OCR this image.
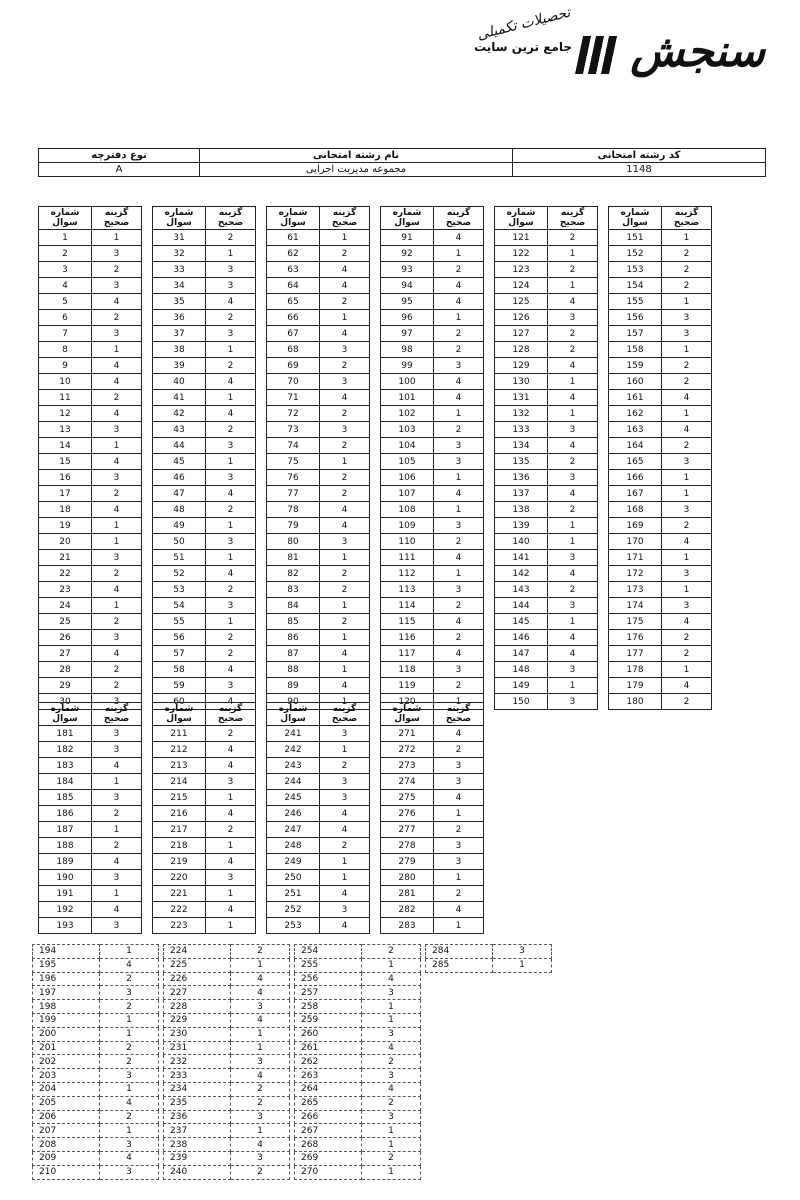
سنجش
تحصیلات تکمیلی
جامع ترین سایت
کد رشته امتحانی	نام رشته امتحانی	نوع دفترچه
1148	مجموعه مدیریت اجرایی	A
شماره سوال	گزینه صحیح
1	1
2	3
3	2
4	3
5	4
6	2
7	3
8	1
9	4
10	4
11	2
12	4
13	3
14	1
15	4
16	3
17	2
18	4
19	1
20	1
21	3
22	2
23	4
24	1
25	2
26	3
27	4
28	2
29	2
30	3
شماره سوال	گزینه صحیح
31	2
32	1
33	3
34	3
35	4
36	2
37	3
38	1
39	2
40	4
41	1
42	4
43	2
44	3
45	1
46	3
47	4
48	2
49	1
50	3
51	1
52	4
53	2
54	3
55	1
56	2
57	2
58	4
59	3
60	4
شماره سوال	گزینه صحیح
61	1
62	2
63	4
64	4
65	2
66	1
67	4
68	3
69	2
70	3
71	4
72	2
73	3
74	2
75	1
76	2
77	2
78	4
79	4
80	3
81	1
82	2
83	2
84	1
85	2
86	1
87	4
88	1
89	4
90	1
شماره سوال	گزینه صحیح
91	4
92	1
93	2
94	4
95	4
96	1
97	2
98	2
99	3
100	4
101	4
102	1
103	2
104	3
105	3
106	1
107	4
108	1
109	3
110	2
111	4
112	1
113	3
114	2
115	4
116	2
117	4
118	3
119	2
120	1
شماره سوال	گزینه صحیح
121	2
122	1
123	2
124	1
125	4
126	3
127	2
128	2
129	4
130	1
131	4
132	1
133	3
134	4
135	2
136	3
137	4
138	2
139	1
140	1
141	3
142	4
143	2
144	3
145	1
146	4
147	4
148	3
149	1
150	3
شماره سوال	گزینه صحیح
151	1
152	2
153	2
154	2
155	1
156	3
157	3
158	1
159	2
160	2
161	4
162	1
163	4
164	2
165	3
166	1
167	1
168	3
169	2
170	4
171	1
172	3
173	1
174	3
175	4
176	2
177	2
178	1
179	4
180	2
شماره سوال	گزینه صحیح
181	3
182	3
183	4
184	1
185	3
186	2
187	1
188	2
189	4
190	3
191	1
192	4
193	3
شماره سوال	گزینه صحیح
211	2
212	4
213	4
214	3
215	1
216	4
217	2
218	1
219	4
220	3
221	1
222	4
223	1
شماره سوال	گزینه صحیح
241	3
242	1
243	2
244	3
245	3
246	4
247	4
248	2
249	1
250	1
251	4
252	3
253	4
شماره سوال	گزینه صحیح
271	4
272	2
273	3
274	3
275	4
276	1
277	2
278	3
279	3
280	1
281	2
282	4
283	1
194	1
195	4
196	2
197	3
198	2
199	1
200	1
201	2
202	2
203	3
204	1
205	4
206	2
207	1
208	3
209	4
210	3
224	2
225	1
226	4
227	4
228	3
229	4
230	1
231	1
232	3
233	4
234	2
235	2
236	3
237	1
238	4
239	3
240	2
254	2
255	1
256	4
257	3
258	1
259	1
260	3
261	4
262	2
263	3
264	4
265	2
266	3
267	1
268	1
269	2
270	1
284	3
285	1
